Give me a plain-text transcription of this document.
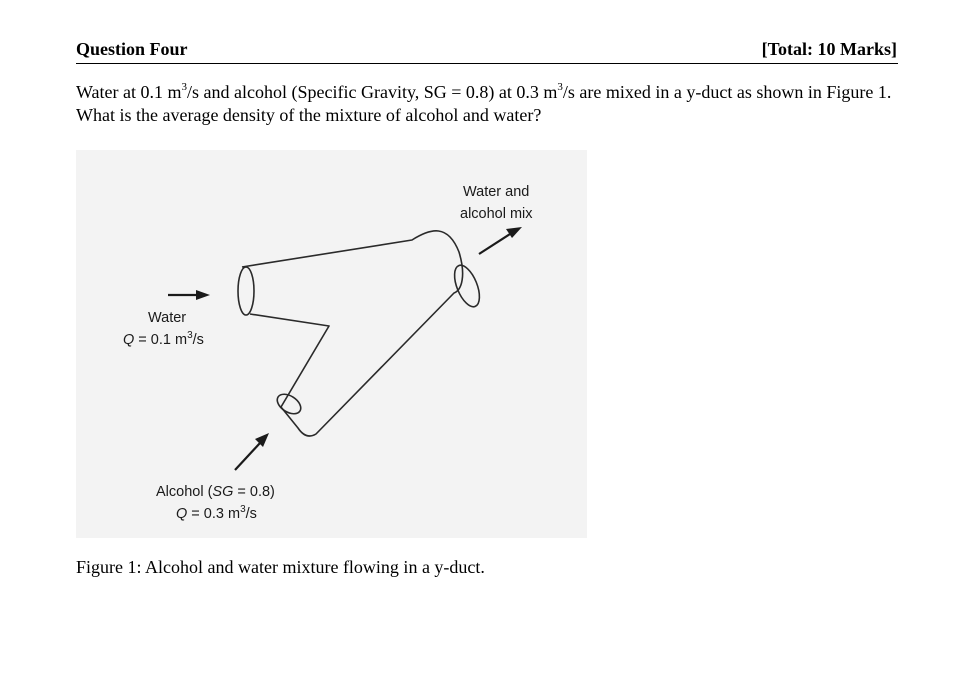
Question Four	[Total: 10 Marks]
Water at 0.1 $m^3/s$ and alcohol (Specific Gravity, SG = 0.8) at 0.3 $m^3/s$ are mixed in a y-duct as shown in Figure 1. What is the average density of the mixture of alcohol and water?
Water and
alcohol mix
Water
Q = 0.1 $m^3/s$
Alcohol (SG = 0.8)
Q = 0.3 $m^3/s$
Figure 1: Alcohol and water mixture flowing in a y-duct.
